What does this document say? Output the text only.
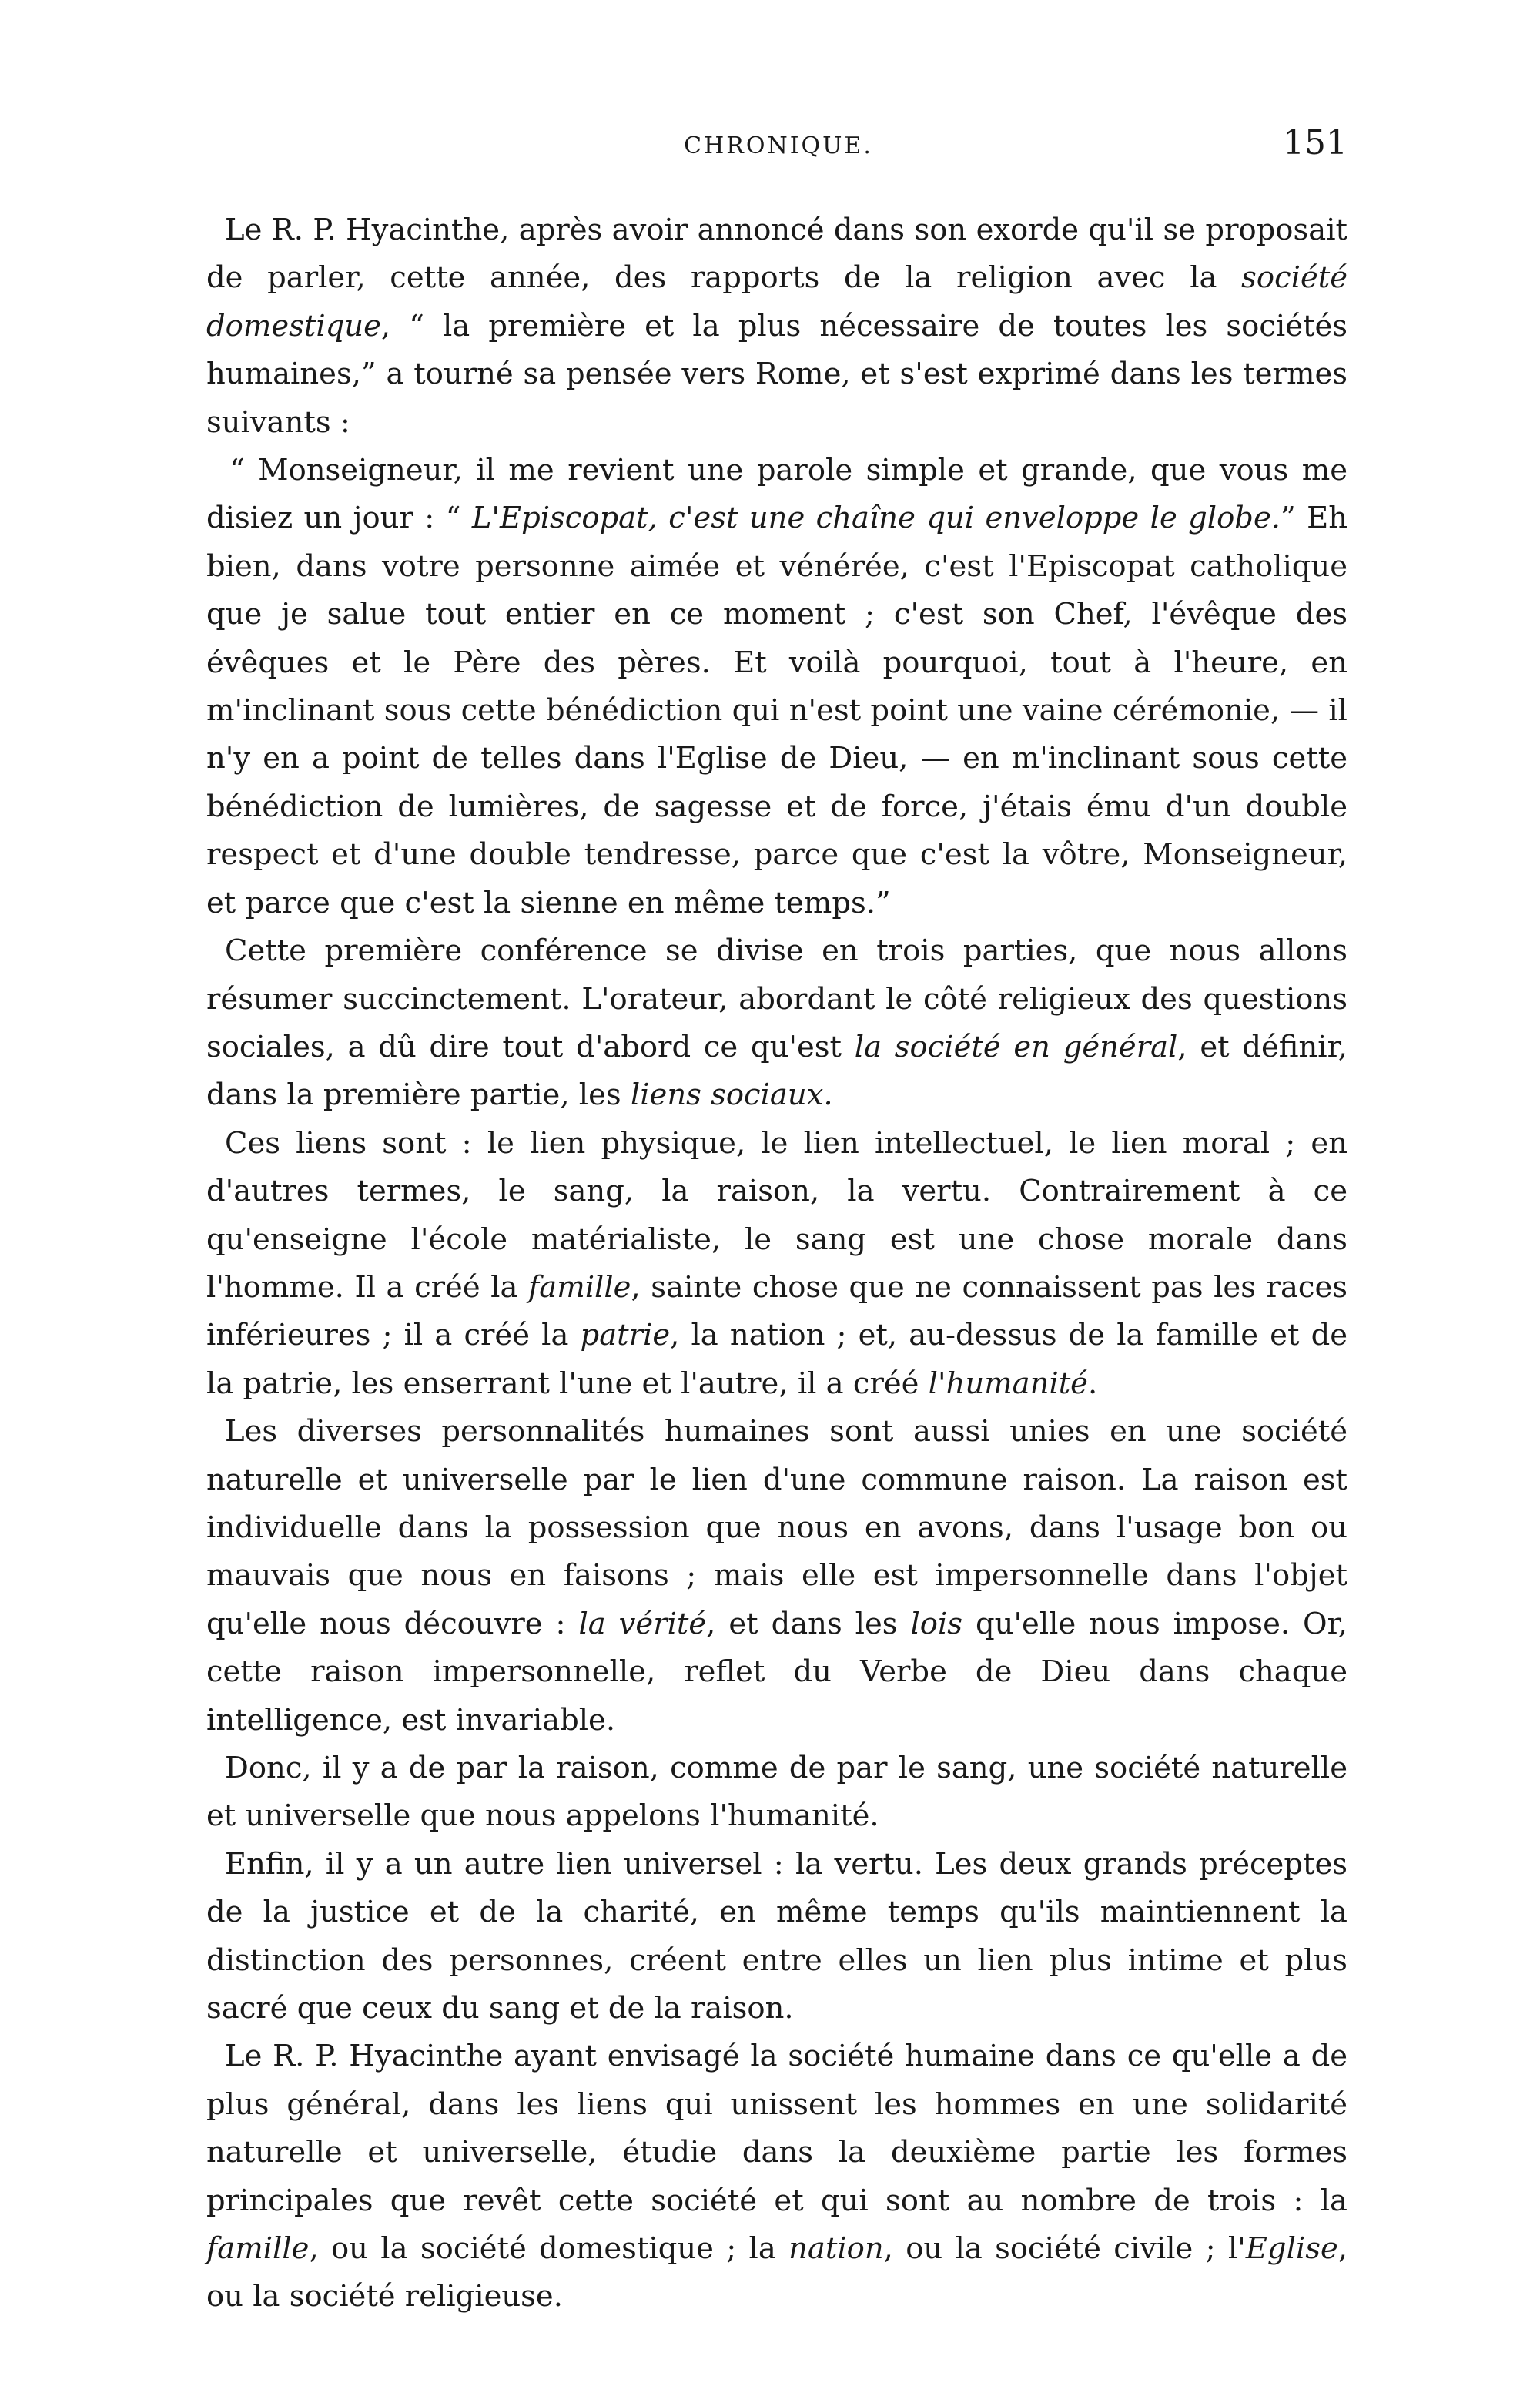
CHRONIQUE.	151

Le R. P. Hyacinthe, après avoir annoncé dans son exorde qu'il se proposait de parler, cette année, des rapports de la religion avec la société domestique, “ la première et la plus nécessaire de toutes les sociétés humaines,” a tourné sa pensée vers Rome, et s'est exprimé dans les termes suivants :

“ Monseigneur, il me revient une parole simple et grande, que vous me disiez un jour : “ L'Episcopat, c'est une chaîne qui enveloppe le globe.” Eh bien, dans votre personne aimée et vénérée, c'est l'Episcopat catholique que je salue tout entier en ce moment ; c'est son Chef, l'évêque des évêques et le Père des pères. Et voilà pourquoi, tout à l'heure, en m'inclinant sous cette bénédiction qui n'est point une vaine cérémonie, — il n'y en a point de telles dans l'Eglise de Dieu, — en m'inclinant sous cette bénédiction de lumières, de sagesse et de force, j'étais ému d'un double respect et d'une double tendresse, parce que c'est la vôtre, Monseigneur, et parce que c'est la sienne en même temps.”

Cette première conférence se divise en trois parties, que nous allons résumer succinctement. L'orateur, abordant le côté religieux des questions sociales, a dû dire tout d'abord ce qu'est la société en général, et définir, dans la première partie, les liens sociaux.

Ces liens sont : le lien physique, le lien intellectuel, le lien moral ; en d'autres termes, le sang, la raison, la vertu. Contrairement à ce qu'enseigne l'école matérialiste, le sang est une chose morale dans l'homme. Il a créé la famille, sainte chose que ne connaissent pas les races inférieures ; il a créé la patrie, la nation ; et, au-dessus de la famille et de la patrie, les enserrant l'une et l'autre, il a créé l'humanité.

Les diverses personnalités humaines sont aussi unies en une société naturelle et universelle par le lien d'une commune raison. La raison est individuelle dans la possession que nous en avons, dans l'usage bon ou mauvais que nous en faisons ; mais elle est impersonnelle dans l'objet qu'elle nous découvre : la vérité, et dans les lois qu'elle nous impose. Or, cette raison impersonnelle, reflet du Verbe de Dieu dans chaque intelligence, est invariable.

Donc, il y a de par la raison, comme de par le sang, une société naturelle et universelle que nous appelons l'humanité.

Enfin, il y a un autre lien universel : la vertu. Les deux grands préceptes de la justice et de la charité, en même temps qu'ils maintiennent la distinction des personnes, créent entre elles un lien plus intime et plus sacré que ceux du sang et de la raison.

Le R. P. Hyacinthe ayant envisagé la société humaine dans ce qu'elle a de plus général, dans les liens qui unissent les hommes en une solidarité naturelle et universelle, étudie dans la deuxième partie les formes principales que revêt cette société et qui sont au nombre de trois : la famille, ou la société domestique ; la nation, ou la société civile ; l'Eglise, ou la société religieuse.
